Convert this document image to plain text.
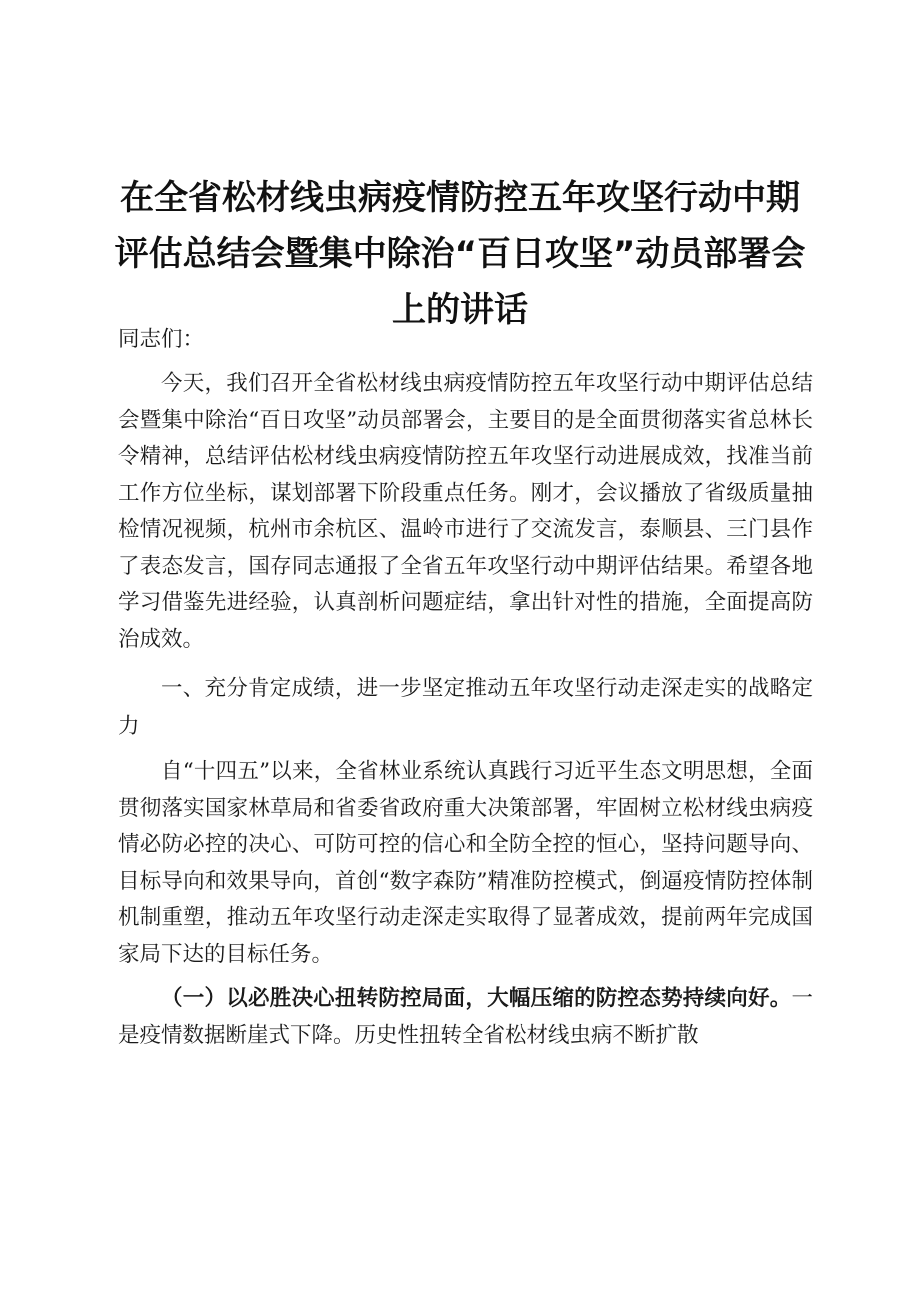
在全省松材线虫病疫情防控五年攻坚行动中期
评估总结会暨集中除治“百日攻坚”动员部署会
上的讲话

同志们：

今天，我们召开全省松材线虫病疫情防控五年攻坚行动中期评估总结会暨集中除治“百日攻坚”动员部署会，主要目的是全面贯彻落实省总林长令精神，总结评估松材线虫病疫情防控五年攻坚行动进展成效，找准当前工作方位坐标，谋划部署下阶段重点任务。刚才，会议播放了省级质量抽检情况视频，杭州市余杭区、温岭市进行了交流发言，泰顺县、三门县作了表态发言，国存同志通报了全省五年攻坚行动中期评估结果。希望各地学习借鉴先进经验，认真剖析问题症结，拿出针对性的措施，全面提高防治成效。

一、充分肯定成绩，进一步坚定推动五年攻坚行动走深走实的战略定力

自“十四五”以来，全省林业系统认真践行习近平生态文明思想，全面贯彻落实国家林草局和省委省政府重大决策部署，牢固树立松材线虫病疫情必防必控的决心、可防可控的信心和全防全控的恒心，坚持问题导向、目标导向和效果导向，首创“数字森防”精准防控模式，倒逼疫情防控体制机制重塑，推动五年攻坚行动走深走实取得了显著成效，提前两年完成国家局下达的目标任务。

（一）以必胜决心扭转防控局面，大幅压缩的防控态势持续向好。一是疫情数据断崖式下降。历史性扭转全省松材线虫病不断扩散
